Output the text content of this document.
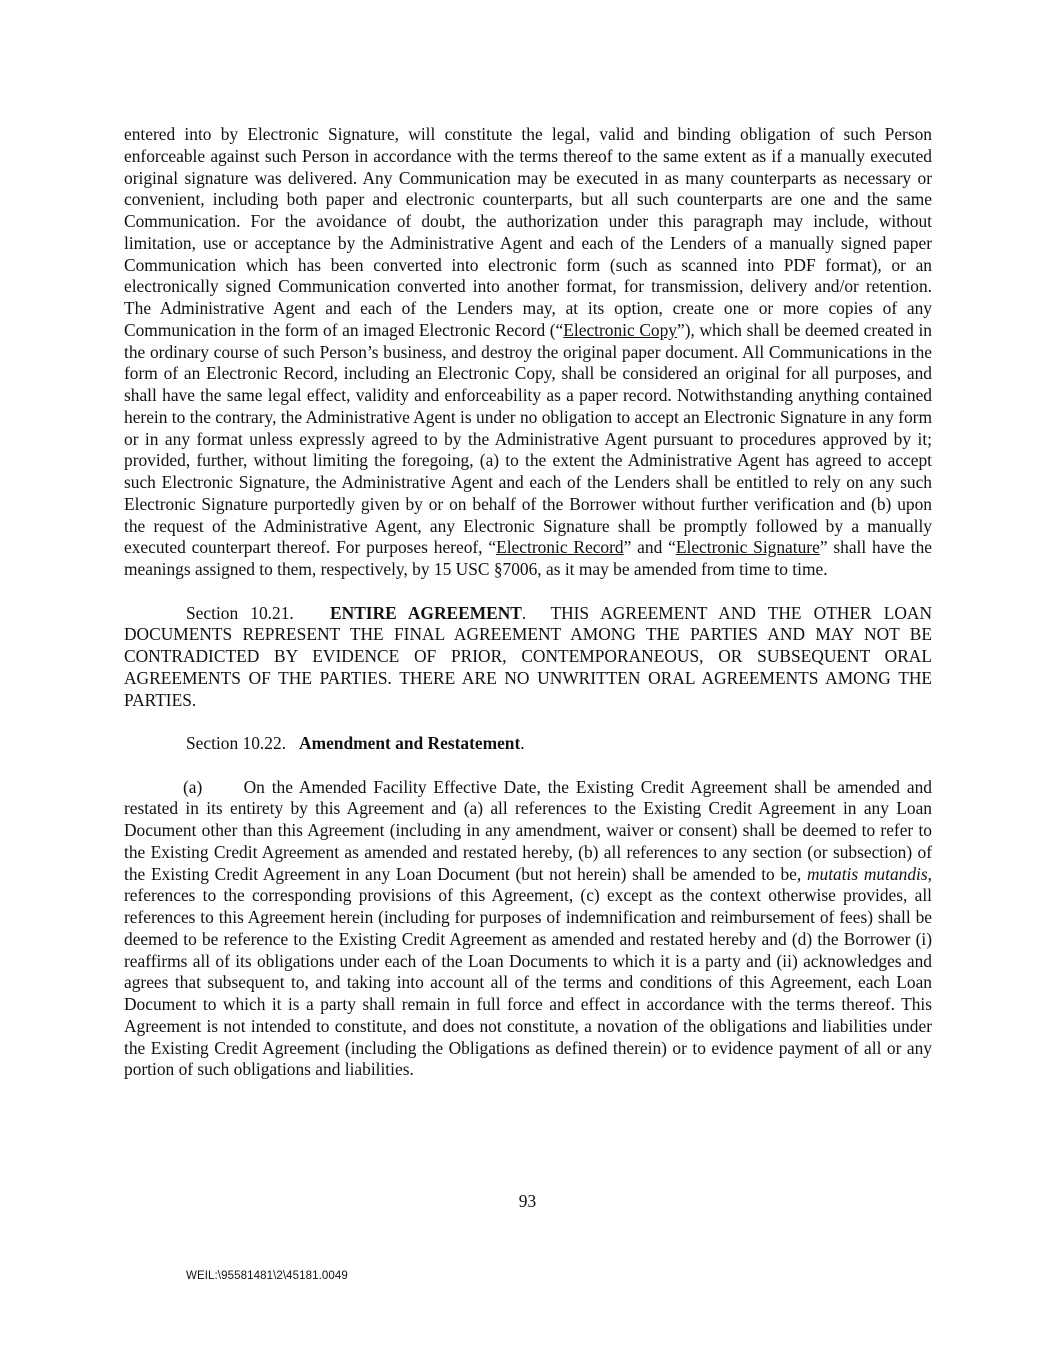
entered into by Electronic Signature, will constitute the legal, valid and binding obligation of such Person enforceable against such Person in accordance with the terms thereof to the same extent as if a manually executed original signature was delivered. Any Communication may be executed in as many counterparts as necessary or convenient, including both paper and electronic counterparts, but all such counterparts are one and the same Communication. For the avoidance of doubt, the authorization under this paragraph may include, without limitation, use or acceptance by the Administrative Agent and each of the Lenders of a manually signed paper Communication which has been converted into electronic form (such as scanned into PDF format), or an electronically signed Communication converted into another format, for transmission, delivery and/or retention. The Administrative Agent and each of the Lenders may, at its option, create one or more copies of any Communication in the form of an imaged Electronic Record (“Electronic Copy”), which shall be deemed created in the ordinary course of such Person’s business, and destroy the original paper document. All Communications in the form of an Electronic Record, including an Electronic Copy, shall be considered an original for all purposes, and shall have the same legal effect, validity and enforceability as a paper record. Notwithstanding anything contained herein to the contrary, the Administrative Agent is under no obligation to accept an Electronic Signature in any form or in any format unless expressly agreed to by the Administrative Agent pursuant to procedures approved by it; provided, further, without limiting the foregoing, (a) to the extent the Administrative Agent has agreed to accept such Electronic Signature, the Administrative Agent and each of the Lenders shall be entitled to rely on any such Electronic Signature purportedly given by or on behalf of the Borrower without further verification and (b) upon the request of the Administrative Agent, any Electronic Signature shall be promptly followed by a manually executed counterpart thereof. For purposes hereof, “Electronic Record” and “Electronic Signature” shall have the meanings assigned to them, respectively, by 15 USC §7006, as it may be amended from time to time.

Section 10.21. ENTIRE AGREEMENT. THIS AGREEMENT AND THE OTHER LOAN DOCUMENTS REPRESENT THE FINAL AGREEMENT AMONG THE PARTIES AND MAY NOT BE CONTRADICTED BY EVIDENCE OF PRIOR, CONTEMPORANEOUS, OR SUBSEQUENT ORAL AGREEMENTS OF THE PARTIES. THERE ARE NO UNWRITTEN ORAL AGREEMENTS AMONG THE PARTIES.

Section 10.22. Amendment and Restatement.

(a) On the Amended Facility Effective Date, the Existing Credit Agreement shall be amended and restated in its entirety by this Agreement and (a) all references to the Existing Credit Agreement in any Loan Document other than this Agreement (including in any amendment, waiver or consent) shall be deemed to refer to the Existing Credit Agreement as amended and restated hereby, (b) all references to any section (or subsection) of the Existing Credit Agreement in any Loan Document (but not herein) shall be amended to be, mutatis mutandis, references to the corresponding provisions of this Agreement, (c) except as the context otherwise provides, all references to this Agreement herein (including for purposes of indemnification and reimbursement of fees) shall be deemed to be reference to the Existing Credit Agreement as amended and restated hereby and (d) the Borrower (i) reaffirms all of its obligations under each of the Loan Documents to which it is a party and (ii) acknowledges and agrees that subsequent to, and taking into account all of the terms and conditions of this Agreement, each Loan Document to which it is a party shall remain in full force and effect in accordance with the terms thereof. This Agreement is not intended to constitute, and does not constitute, a novation of the obligations and liabilities under the Existing Credit Agreement (including the Obligations as defined therein) or to evidence payment of all or any portion of such obligations and liabilities.

93
WEIL:\95581481\2\45181.0049
